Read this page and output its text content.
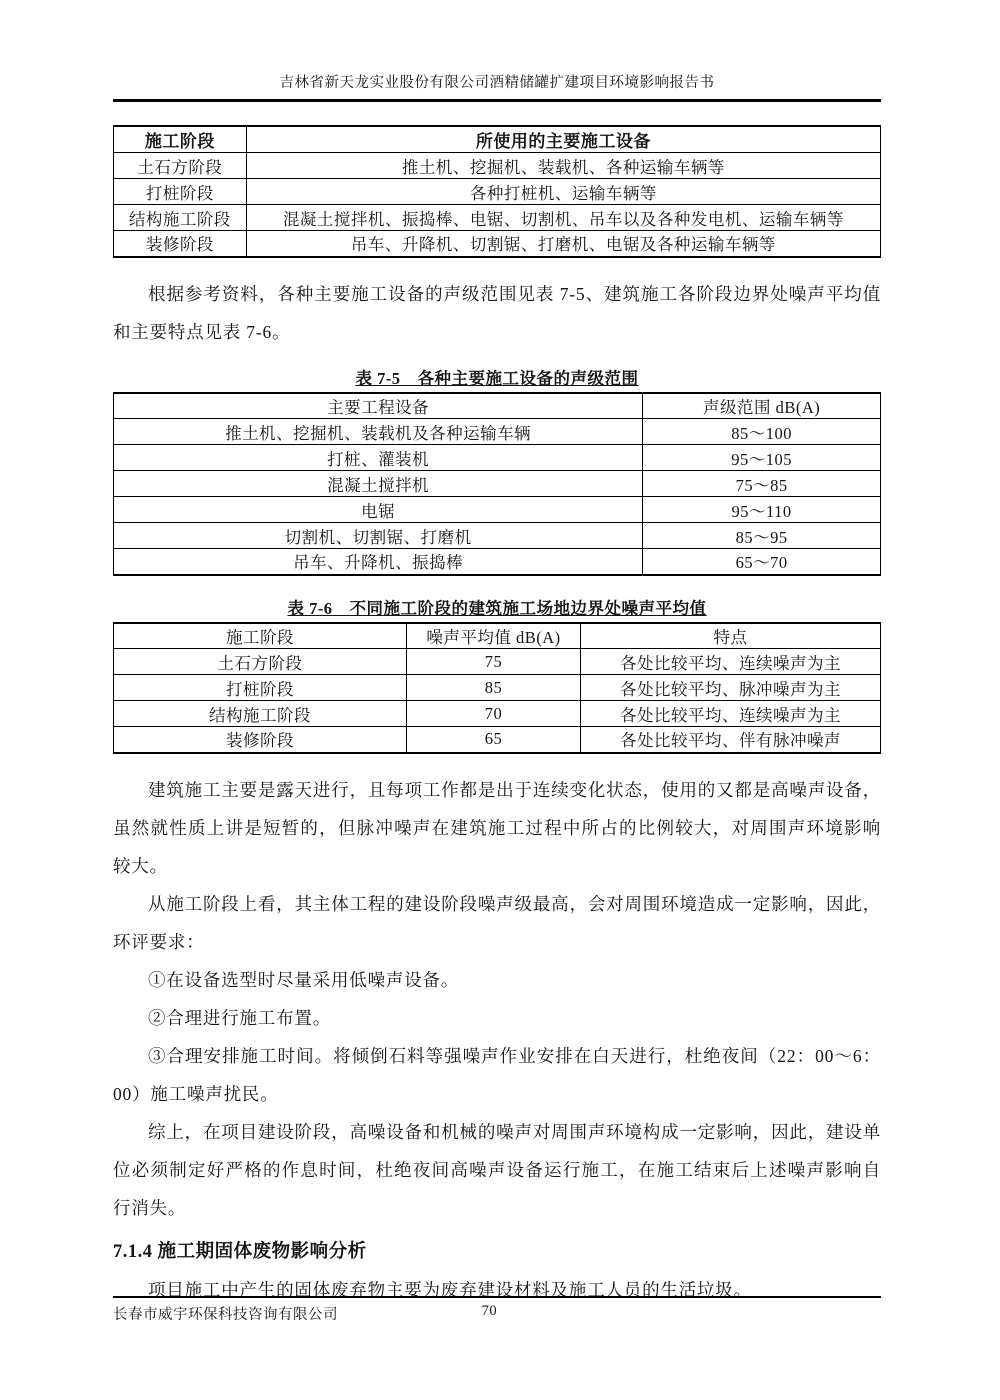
吉林省新天龙实业股份有限公司酒精储罐扩建项目环境影响报告书
施工阶段	所使用的主要施工设备
土石方阶段	推土机、挖掘机、装载机、各种运输车辆等
打桩阶段	各种打桩机、运输车辆等
结构施工阶段	混凝土搅拌机、振捣棒、电锯、切割机、吊车以及各种发电机、运输车辆等
装修阶段	吊车、升降机、切割锯、打磨机、电锯及各种运输车辆等

根据参考资料，各种主要施工设备的声级范围见表 7-5、建筑施工各阶段边界处噪声平均值和主要特点见表 7-6。

表 7-5　各种主要施工设备的声级范围
主要工程设备	声级范围 dB(A)
推土机、挖掘机、装载机及各种运输车辆	85～100
打桩、灌装机	95～105
混凝土搅拌机	75～85
电锯	95～110
切割机、切割锯、打磨机	85～95
吊车、升降机、振捣棒	65～70
表 7-6　不同施工阶段的建筑施工场地边界处噪声平均值
施工阶段	噪声平均值 dB(A)	特点
土石方阶段	75	各处比较平均、连续噪声为主
打桩阶段	85	各处比较平均、脉冲噪声为主
结构施工阶段	70	各处比较平均、连续噪声为主
装修阶段	65	各处比较平均、伴有脉冲噪声

建筑施工主要是露天进行，且每项工作都是出于连续变化状态，使用的又都是高噪声设备，虽然就性质上讲是短暂的，但脉冲噪声在建筑施工过程中所占的比例较大，对周围声环境影响较大。

从施工阶段上看，其主体工程的建设阶段噪声级最高，会对周围环境造成一定影响，因此，环评要求：

①在设备选型时尽量采用低噪声设备。

②合理进行施工布置。

③合理安排施工时间。将倾倒石料等强噪声作业安排在白天进行，杜绝夜间（22：00～6：00）施工噪声扰民。

综上，在项目建设阶段，高噪设备和机械的噪声对周围声环境构成一定影响，因此，建设单位必须制定好严格的作息时间，杜绝夜间高噪声设备运行施工，在施工结束后上述噪声影响自行消失。

7.1.4 施工期固体废物影响分析

项目施工中产生的固体废弃物主要为废弃建设材料及施工人员的生活垃圾。

长春市威宇环保科技咨询有限公司	70
